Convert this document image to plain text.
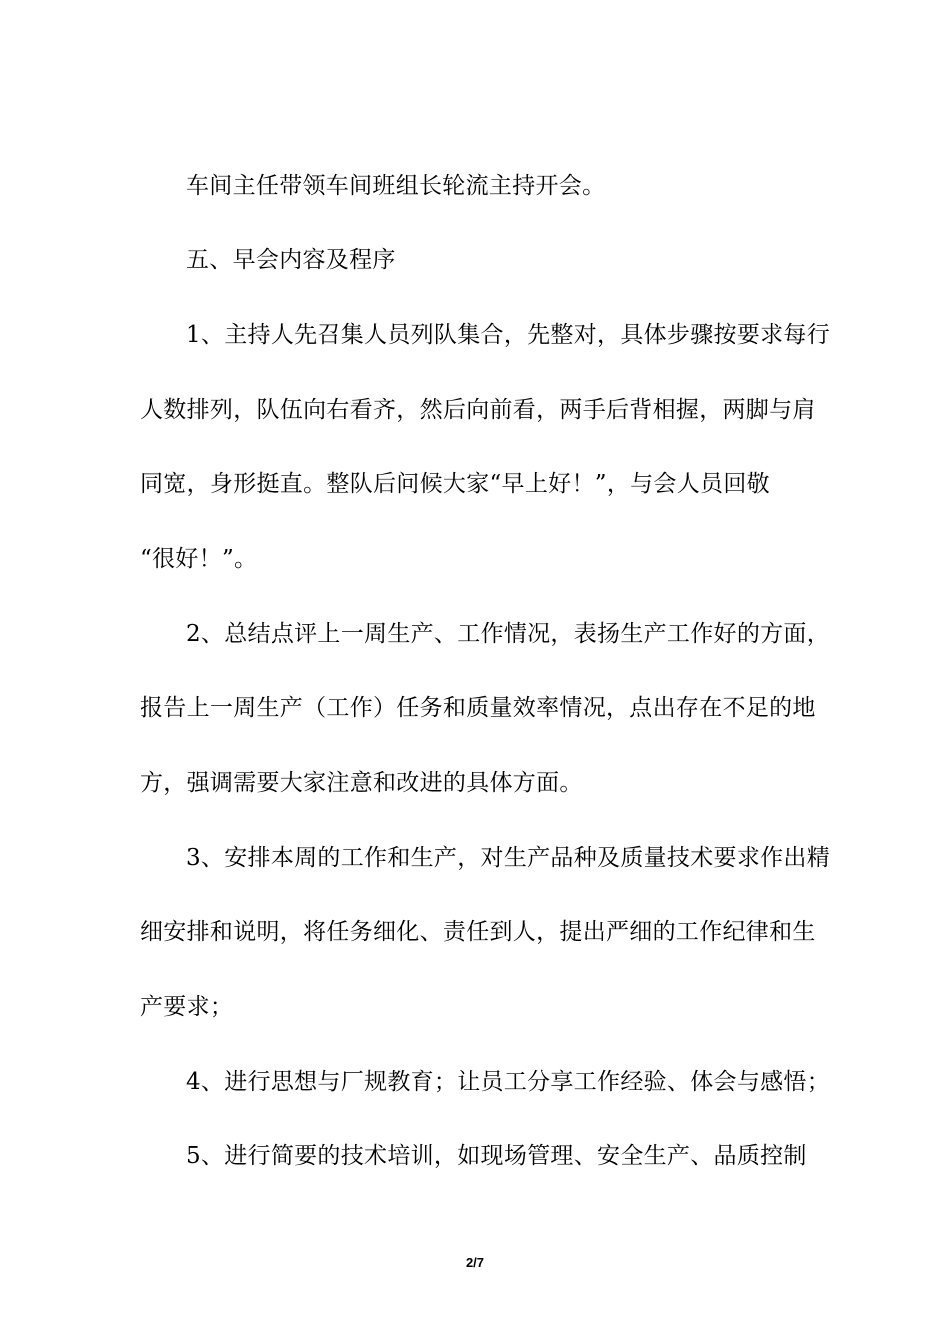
车间主任带领车间班组长轮流主持开会。
五、早会内容及程序
1、主持人先召集人员列队集合，先整对，具体步骤按要求每行
人数排列，队伍向右看齐，然后向前看，两手后背相握，两脚与肩
同宽，身形挺直。整队后问候大家“早上好！”，与会人员回敬
“很好！”。
2、总结点评上一周生产、工作情况，表扬生产工作好的方面，
报告上一周生产（工作）任务和质量效率情况，点出存在不足的地
方，强调需要大家注意和改进的具体方面。
3、安排本周的工作和生产，对生产品种及质量技术要求作出精
细安排和说明，将任务细化、责任到人，提出严细的工作纪律和生
产要求；
4、进行思想与厂规教育；让员工分享工作经验、体会与感悟；
5、进行简要的技术培训，如现场管理、安全生产、品质控制
2/7
